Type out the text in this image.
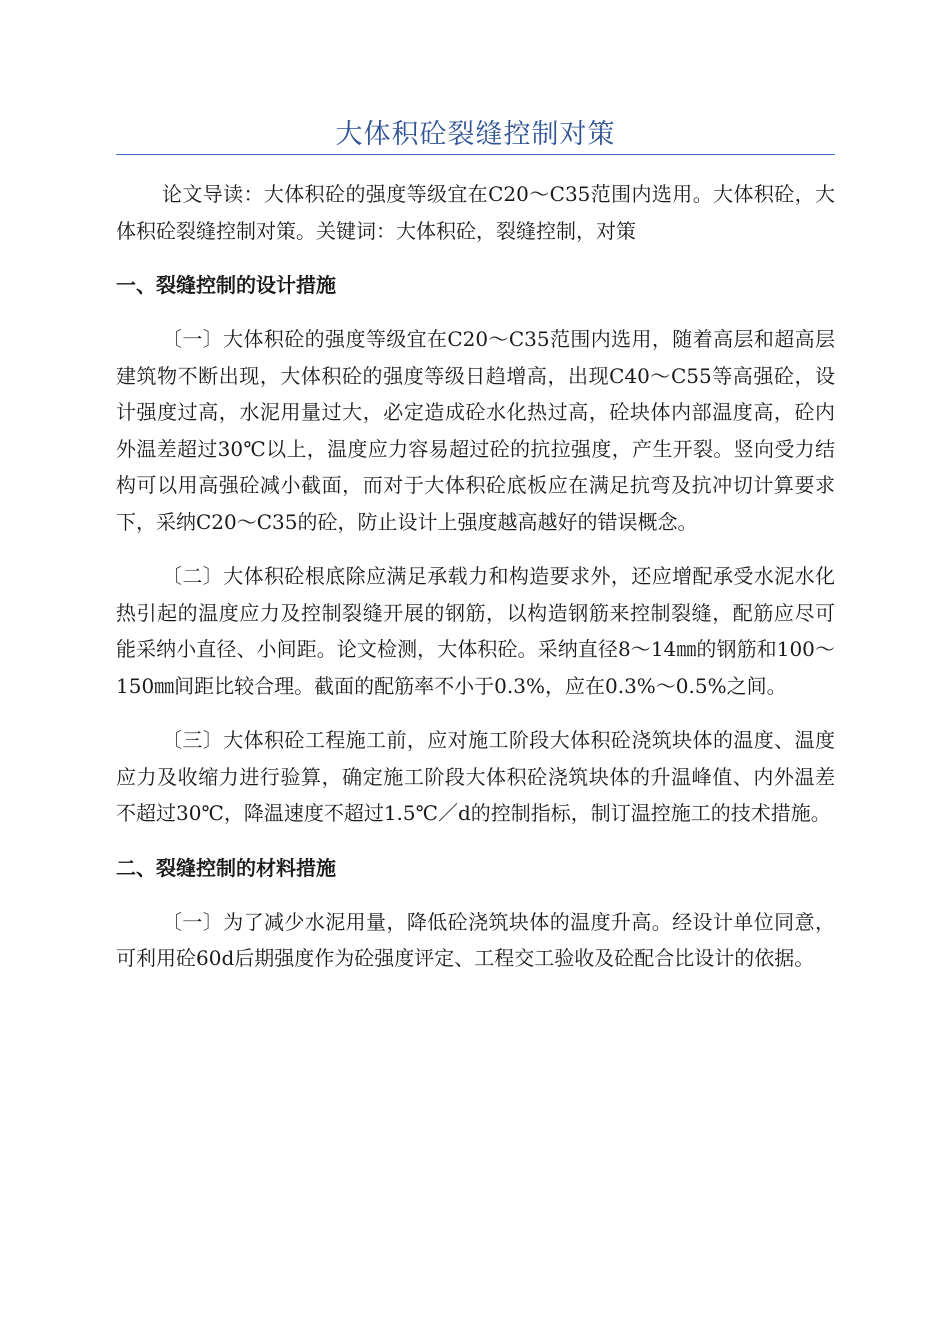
大体积砼裂缝控制对策

论文导读：大体积砼的强度等级宜在C20～C35范围内选用。大体积砼，大体积砼裂缝控制对策。关键词：大体积砼，裂缝控制，对策

一、裂缝控制的设计措施

〔一〕大体积砼的强度等级宜在C20～C35范围内选用，随着高层和超高层建筑物不断出现，大体积砼的强度等级日趋增高，出现C40～C55等高强砼，设计强度过高，水泥用量过大，必定造成砼水化热过高，砼块体内部温度高，砼内外温差超过30℃以上，温度应力容易超过砼的抗拉强度，产生开裂。竖向受力结构可以用高强砼减小截面，而对于大体积砼底板应在满足抗弯及抗冲切计算要求下，采纳C20～C35的砼，防止设计上强度越高越好的错误概念。

〔二〕大体积砼根底除应满足承载力和构造要求外，还应增配承受水泥水化热引起的温度应力及控制裂缝开展的钢筋，以构造钢筋来控制裂缝，配筋应尽可能采纳小直径、小间距。论文检测，大体积砼。采纳直径8～14㎜的钢筋和100～150㎜间距比较合理。截面的配筋率不小于0.3%，应在0.3%～0.5%之间。

〔三〕大体积砼工程施工前，应对施工阶段大体积砼浇筑块体的温度、温度应力及收缩力进行验算，确定施工阶段大体积砼浇筑块体的升温峰值、内外温差不超过30℃，降温速度不超过1.5℃／d的控制指标，制订温控施工的技术措施。

二、裂缝控制的材料措施

〔一〕为了减少水泥用量，降低砼浇筑块体的温度升高。经设计单位同意，可利用砼60d后期强度作为砼强度评定、工程交工验收及砼配合比设计的依据。
